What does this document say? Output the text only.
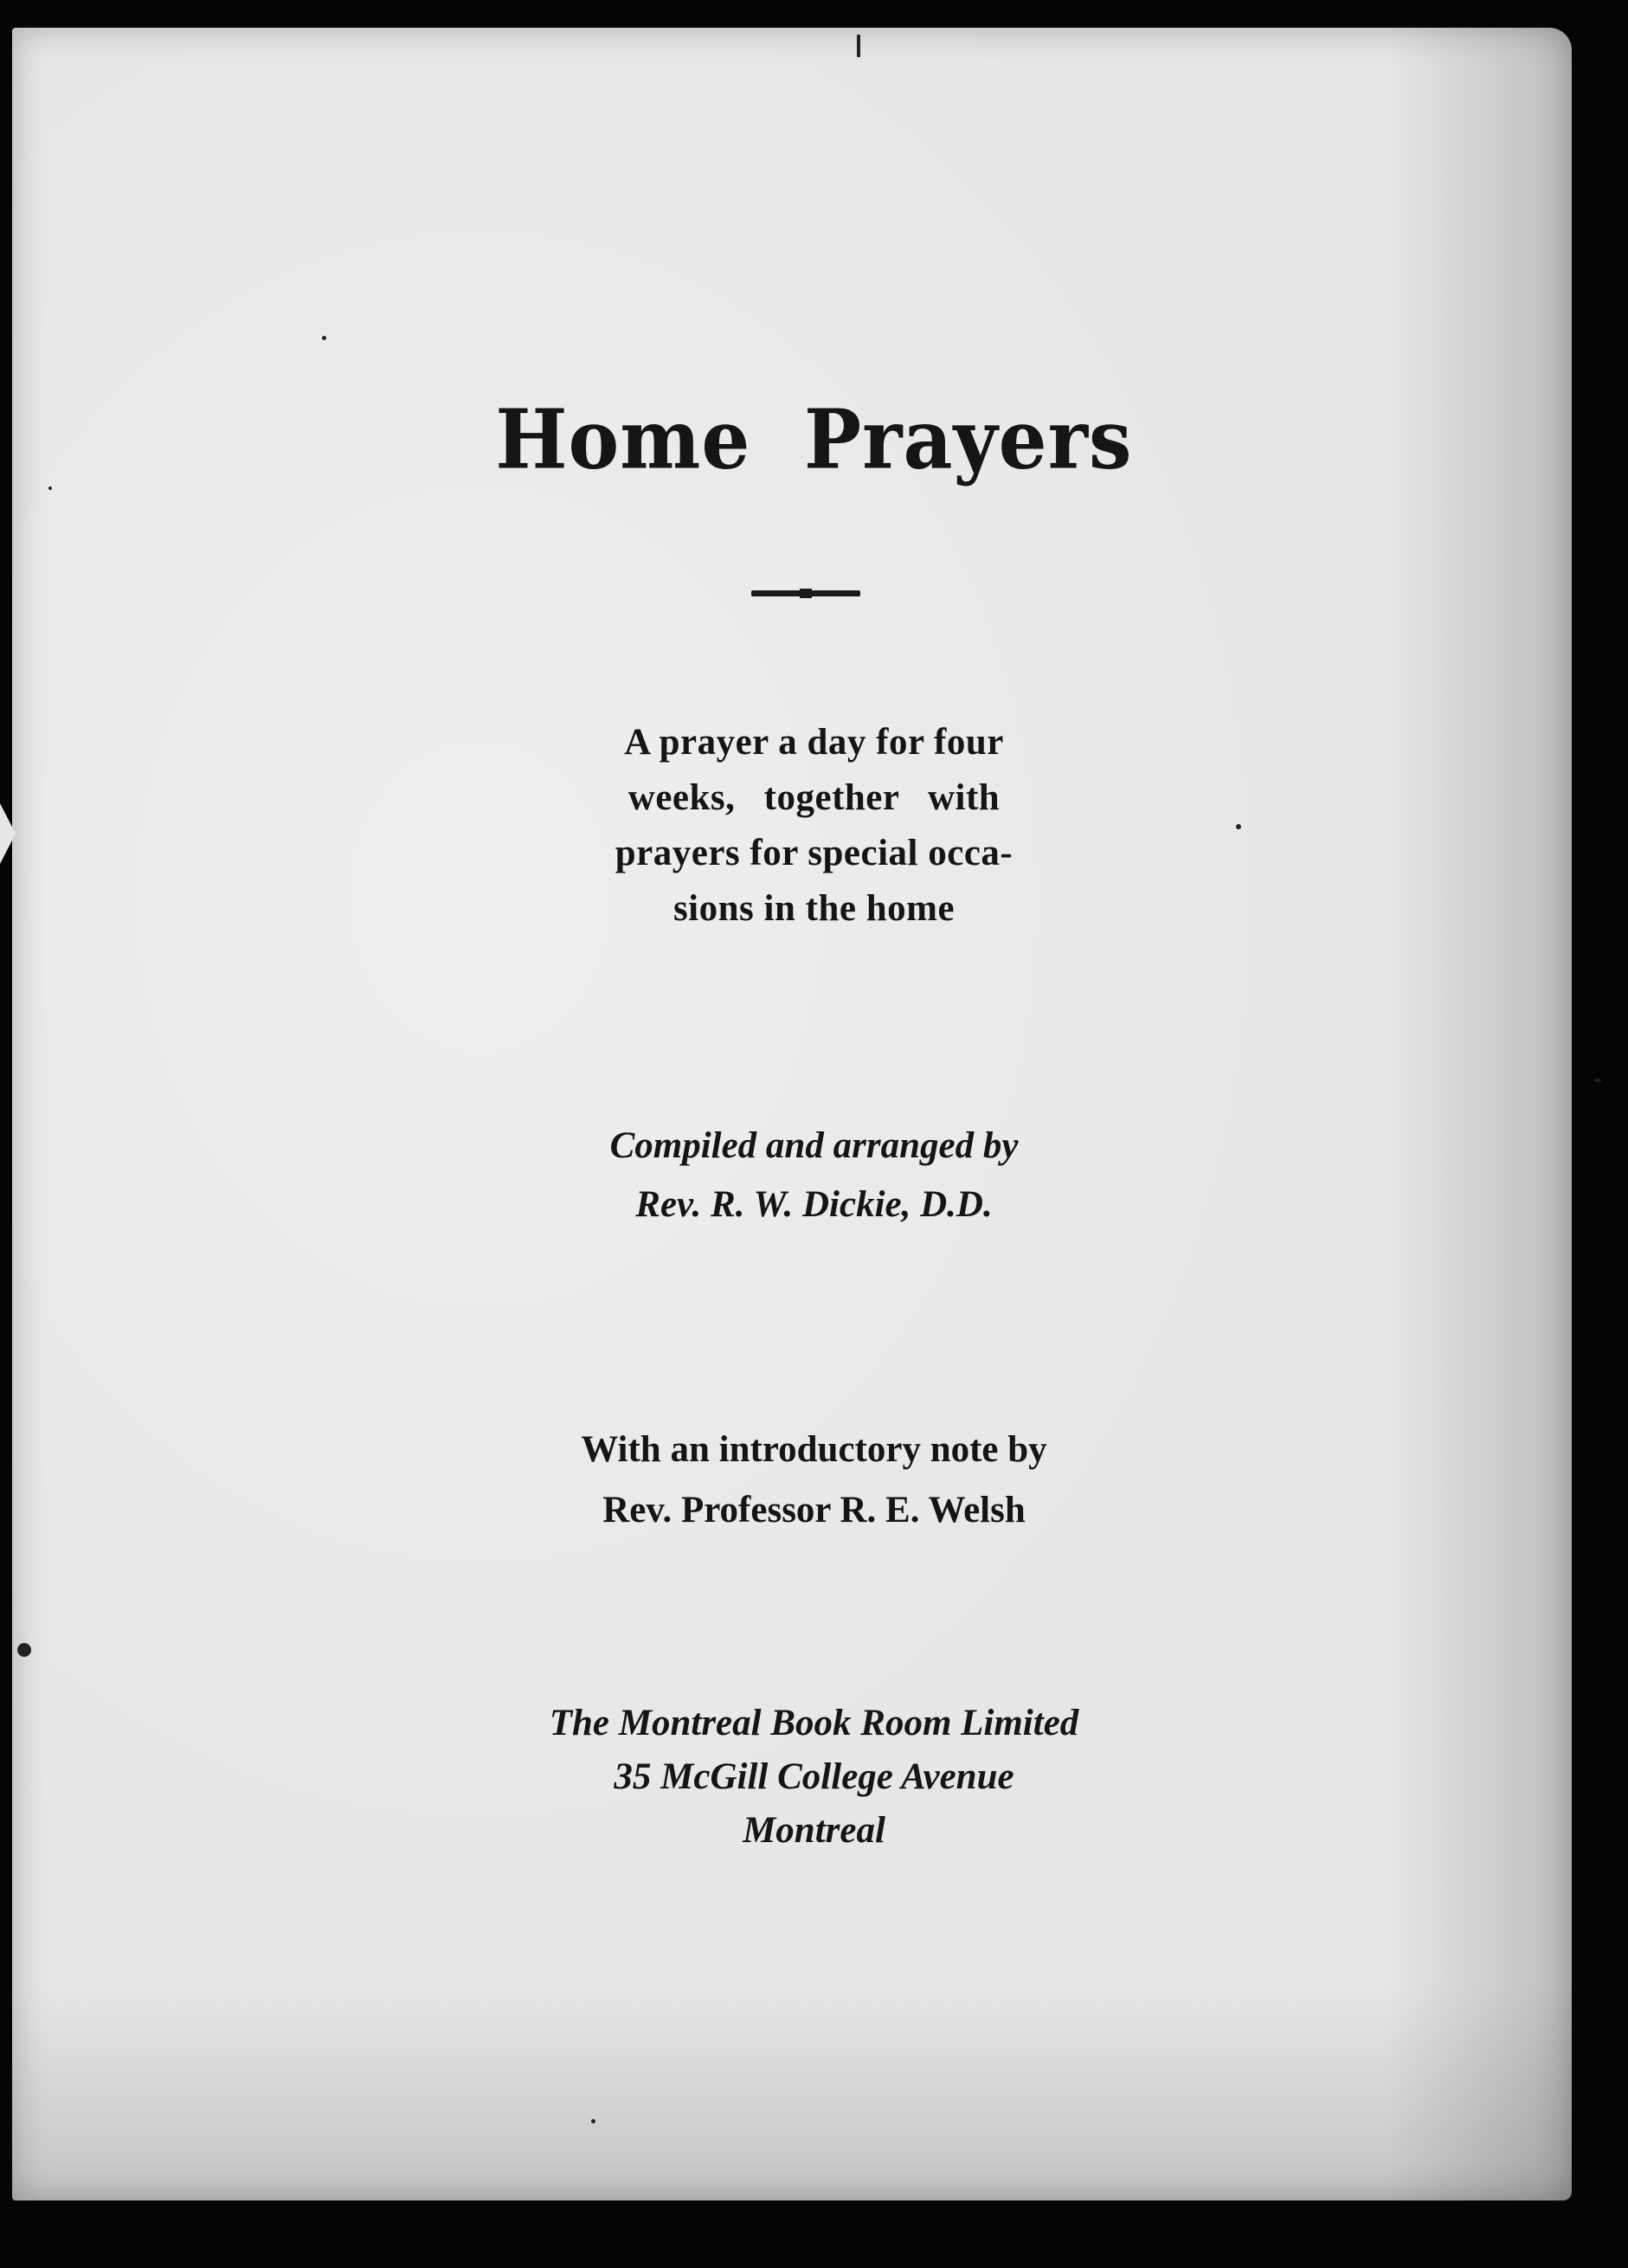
Home Prayers
A prayer a day for four
weeks, together with
prayers for special occa-
sions in the home
Compiled and arranged by
Rev. R. W. Dickie, D.D.
With an introductory note by
Rev. Professor R. E. Welsh
The Montreal Book Room Limited
35 McGill College Avenue
Montreal
